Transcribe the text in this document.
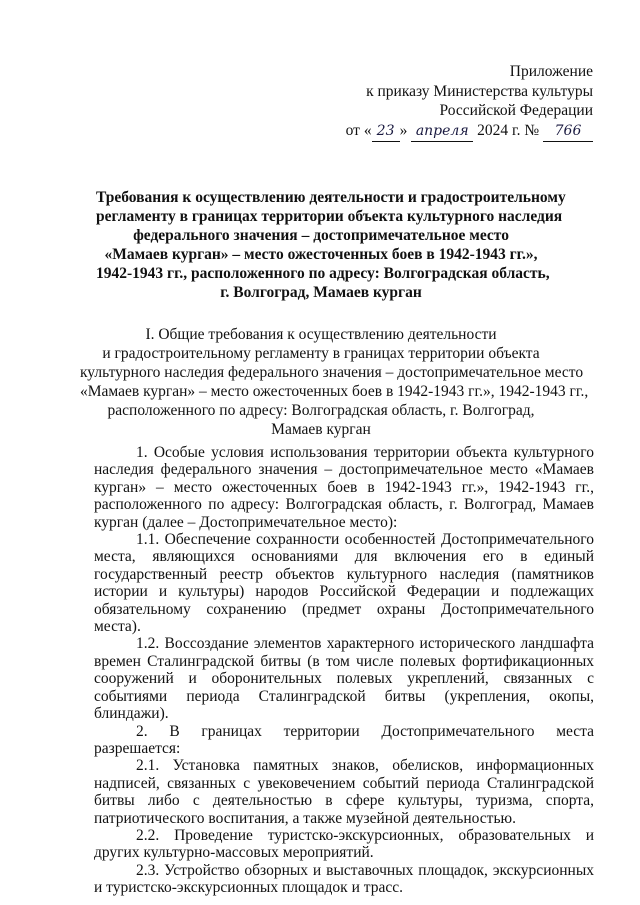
Приложение
к приказу Министерства культуры
Российской Федерации
от « 23 » апреля 2024 г. № 766
Требования к осуществлению деятельности и градостроительному
регламенту в границах территории объекта культурного наследия
федерального значения – достопримечательное место
«Мамаев курган» – место ожесточенных боев в 1942-1943 гг.»,
1942-1943 гг., расположенного по адресу: Волгоградская область,
г. Волгоград, Мамаев курган
I. Общие требования к осуществлению деятельности
и градостроительному регламенту в границах территории объекта
культурного наследия федерального значения – достопримечательное место
«Мамаев курган» – место ожесточенных боев в 1942-1943 гг.», 1942-1943 гг.,
расположенного по адресу: Волгоградская область, г. Волгоград,
Мамаев курган

1. Особые условия использования территории объекта культурного наследия федерального значения – достопримечательное место «Мамаев курган» – место ожесточенных боев в 1942-1943 гг.», 1942-1943 гг., расположенного по адресу: Волгоградская область, г. Волгоград, Мамаев курган (далее – Достопримечательное место):

1.1. Обеспечение сохранности особенностей Достопримечательного места, являющихся основаниями для включения его в единый государственный реестр объектов культурного наследия (памятников истории и культуры) народов Российской Федерации и подлежащих обязательному сохранению (предмет охраны Достопримечательного места).

1.2. Воссоздание элементов характерного исторического ландшафта времен Сталинградской битвы (в том числе полевых фортификационных сооружений и оборонительных полевых укреплений, связанных с событиями периода Сталинградской битвы (укрепления, окопы, блиндажи).

2. В границах территории Достопримечательного места разрешается:

2.1. Установка памятных знаков, обелисков, информационных надписей, связанных с увековечением событий периода Сталинградской битвы либо с деятельностью в сфере культуры, туризма, спорта, патриотического воспитания, а также музейной деятельностью.

2.2. Проведение туристско-экскурсионных, образовательных и других культурно-массовых мероприятий.

2.3. Устройство обзорных и выставочных площадок, экскурсионных и туристско-экскурсионных площадок и трасс.
